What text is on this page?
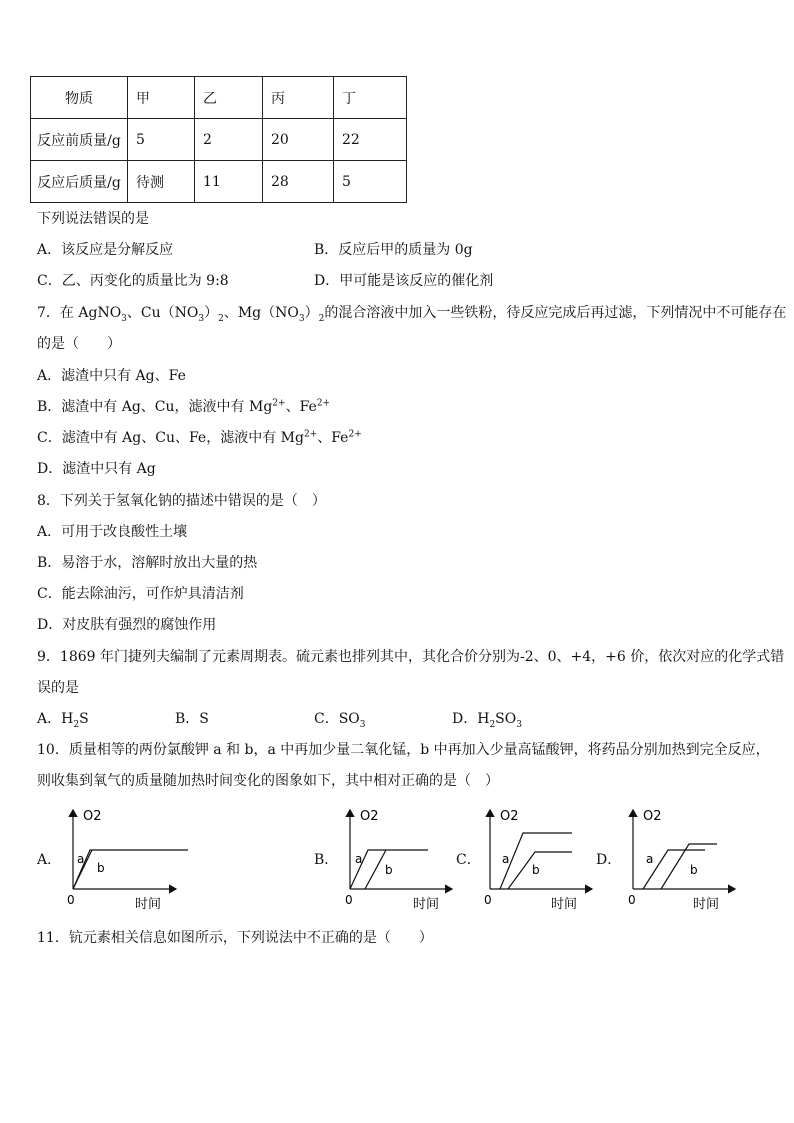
物质	甲	乙	丙	丁
反应前质量/g	5	2	20	22
反应后质量/g	待测	11	28	5
下列说法错误的是
A．该反应是分解反应	B．反应后甲的质量为 0g
C．乙、丙变化的质量比为 9:8	D．甲可能是该反应的催化剂
7．在 AgNO$_3$、$Cu(NO_3)_2$、$Mg(NO_3)_2$的混合溶液中加入一些铁粉，待反应完成后再过滤，下列情况中不可能存在
的是（　　）
A．滤渣中只有 Ag、Fe
B．滤渣中有 Ag、Cu，滤液中有 $Mg^{2+}$、$Fe^{2+}$
C．滤渣中有 Ag、Cu、Fe，滤液中有 $Mg^{2+}$、$Fe^{2+}$
D．滤渣中只有 Ag
8．下列关于氢氧化钠的描述中错误的是（　）
A．可用于改良酸性土壤
B．易溶于水，溶解时放出大量的热
C．能去除油污，可作炉具清洁剂
D．对皮肤有强烈的腐蚀作用
9．1869 年门捷列夫编制了元素周期表。硫元素也排列其中，其化合价分别为-2、0、+4，+6 价，依次对应的化学式错
误的是
A．$H_2S$	B．S	C．$SO_3$	D．$H_2SO_3$
10．质量相等的两份氯酸钾 a 和 b，a 中再加少量二氧化锰，b 中再加入少量高锰酸钾，将药品分别加热到完全反应，
则收集到氧气的质量随加热时间变化的图象如下，其中相对正确的是（　）
A．	B．	C．	D．
O2
0	时间
a
b
O2
0	时间
a
b
O2
0	时间
a
b
O2
0	时间
a
b
11．钪元素相关信息如图所示，下列说法中不正确的是（　　）
